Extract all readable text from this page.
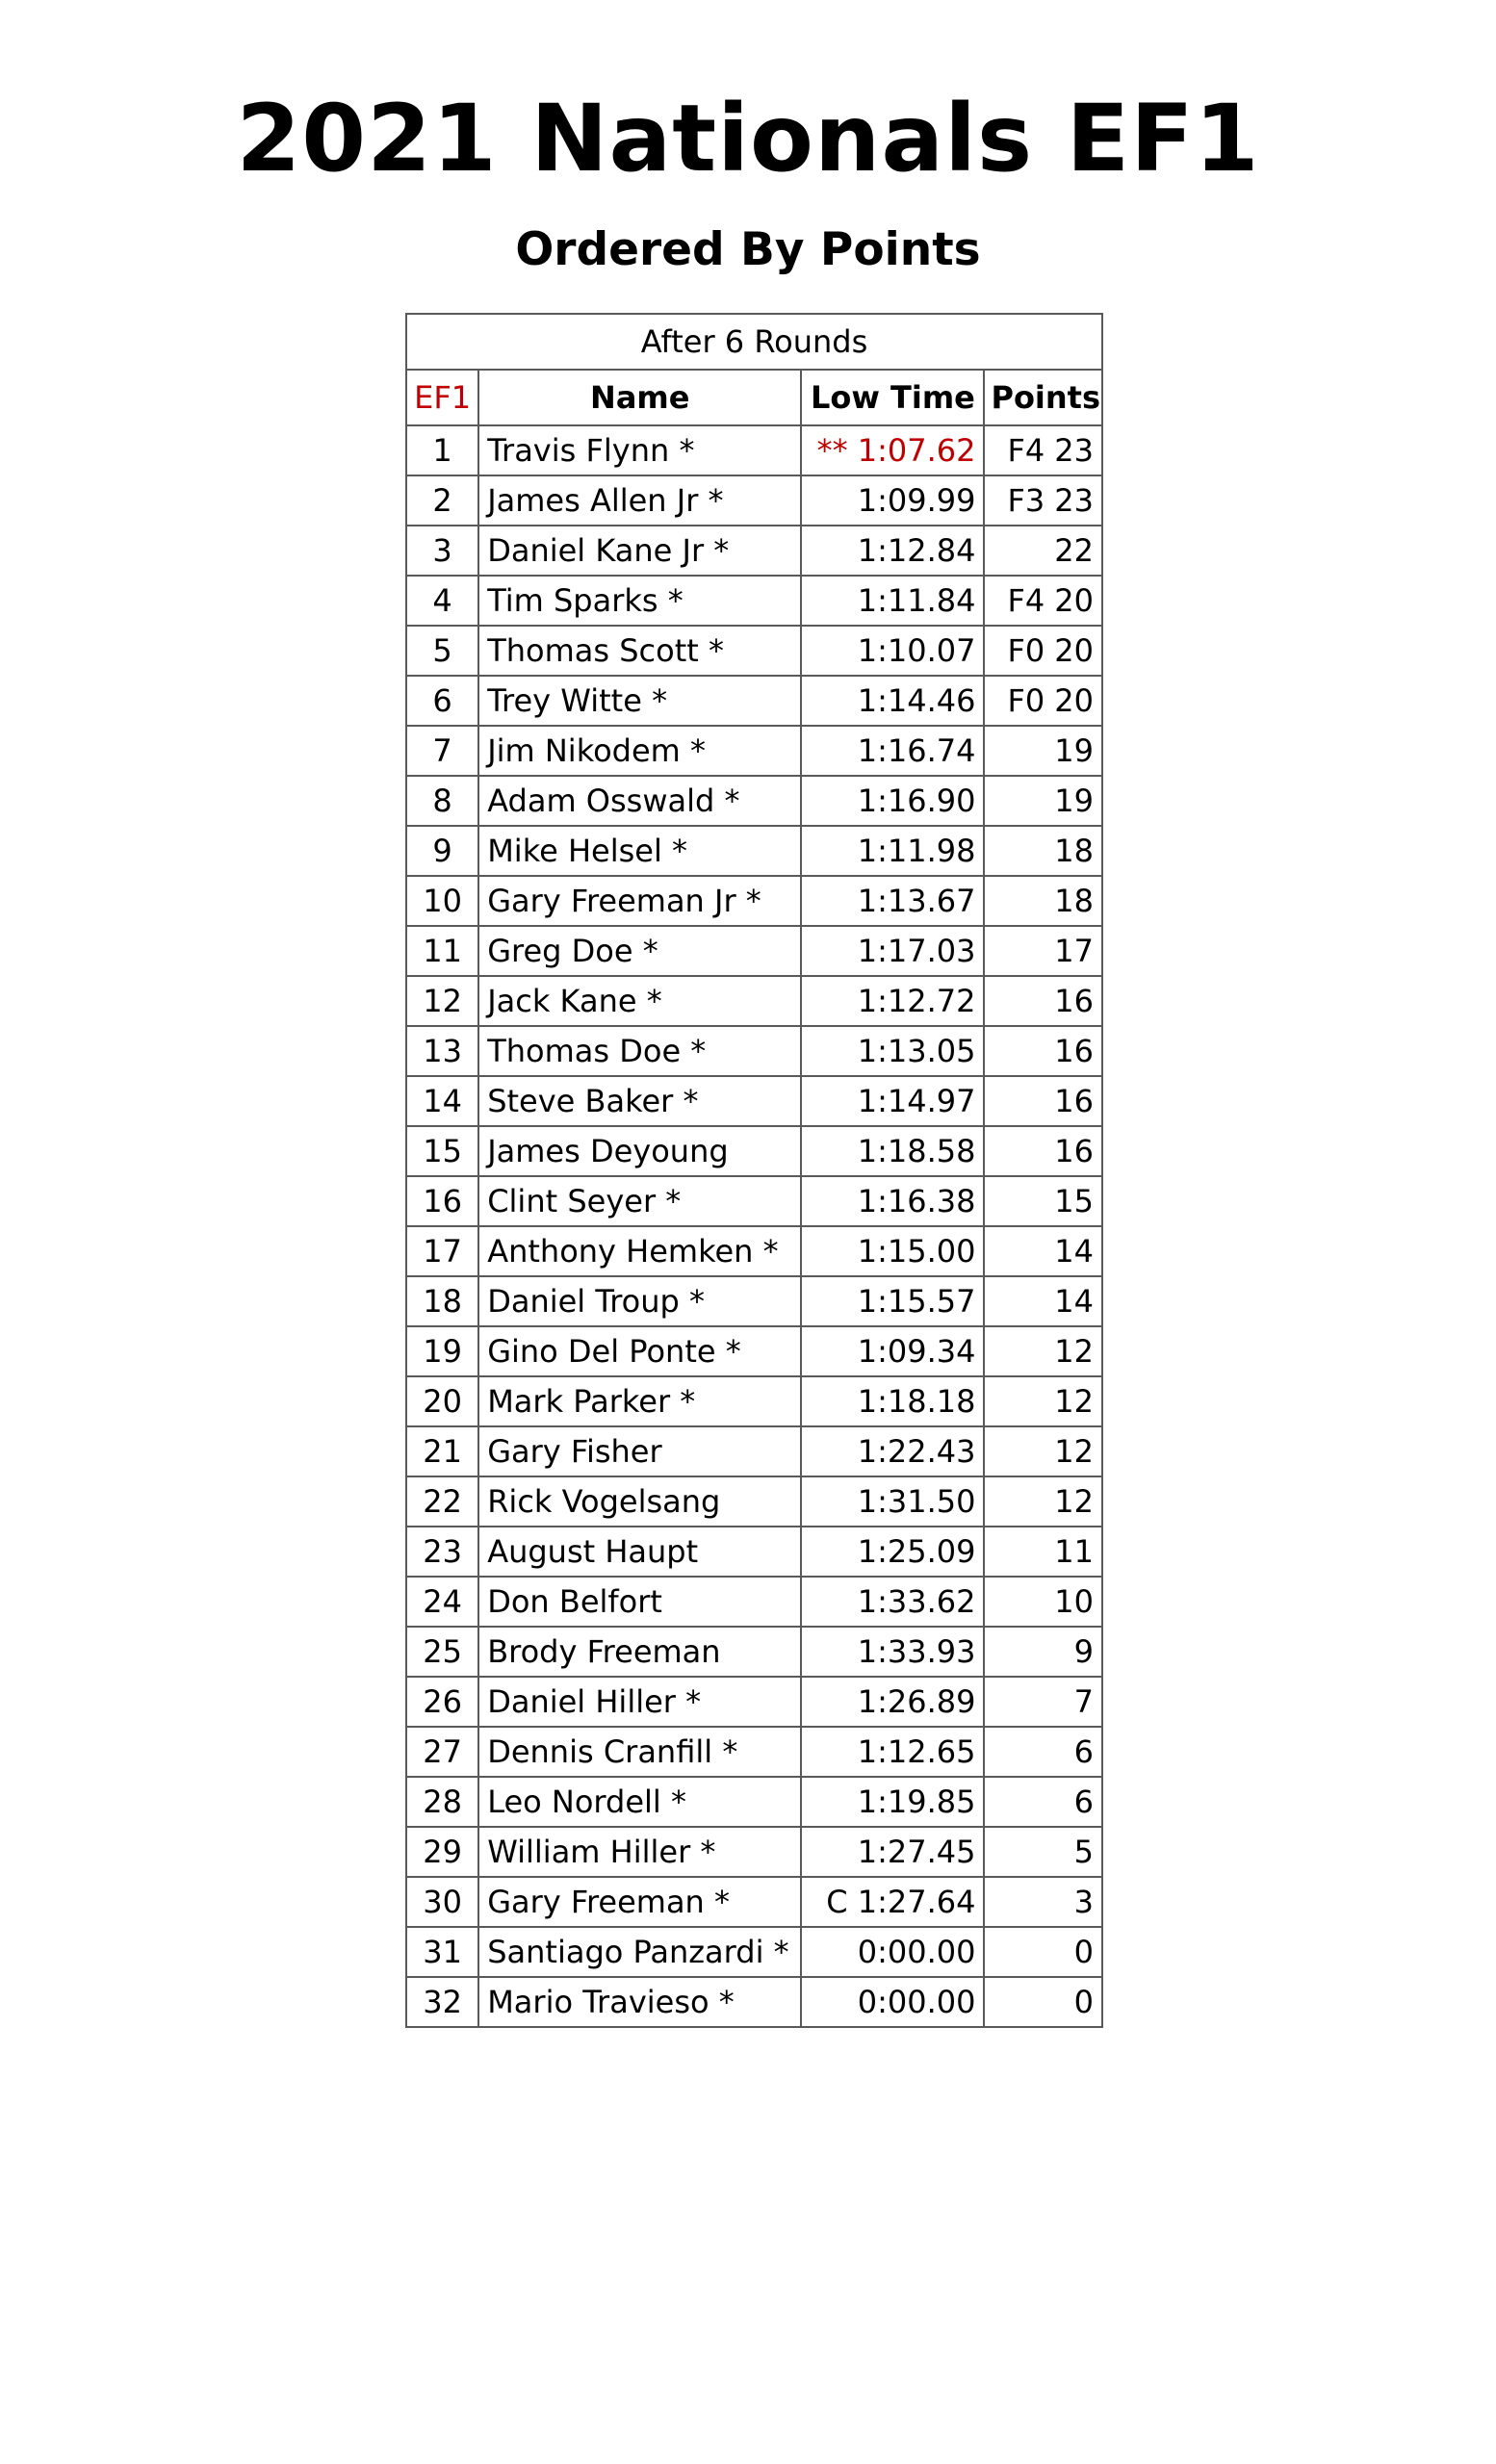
2021 Nationals EF1
Ordered By Points
After 6 Rounds			
EF1	Name	Low Time	Points
1	Travis Flynn *	** 1:07.62	F4 23
2	James Allen Jr *	1:09.99	F3 23
3	Daniel Kane Jr *	1:12.84	22
4	Tim Sparks *	1:11.84	F4 20
5	Thomas Scott *	1:10.07	F0 20
6	Trey Witte *	1:14.46	F0 20
7	Jim Nikodem *	1:16.74	19
8	Adam Osswald *	1:16.90	19
9	Mike Helsel *	1:11.98	18
10	Gary Freeman Jr *	1:13.67	18
11	Greg Doe *	1:17.03	17
12	Jack Kane *	1:12.72	16
13	Thomas Doe *	1:13.05	16
14	Steve Baker *	1:14.97	16
15	James Deyoung	1:18.58	16
16	Clint Seyer *	1:16.38	15
17	Anthony Hemken *	1:15.00	14
18	Daniel Troup *	1:15.57	14
19	Gino Del Ponte *	1:09.34	12
20	Mark Parker *	1:18.18	12
21	Gary Fisher	1:22.43	12
22	Rick Vogelsang	1:31.50	12
23	August Haupt	1:25.09	11
24	Don Belfort	1:33.62	10
25	Brody Freeman	1:33.93	9
26	Daniel Hiller *	1:26.89	7
27	Dennis Cranfill *	1:12.65	6
28	Leo Nordell *	1:19.85	6
29	William Hiller *	1:27.45	5
30	Gary Freeman *	C 1:27.64	3
31	Santiago Panzardi *	0:00.00	0
32	Mario Travieso *	0:00.00	0
